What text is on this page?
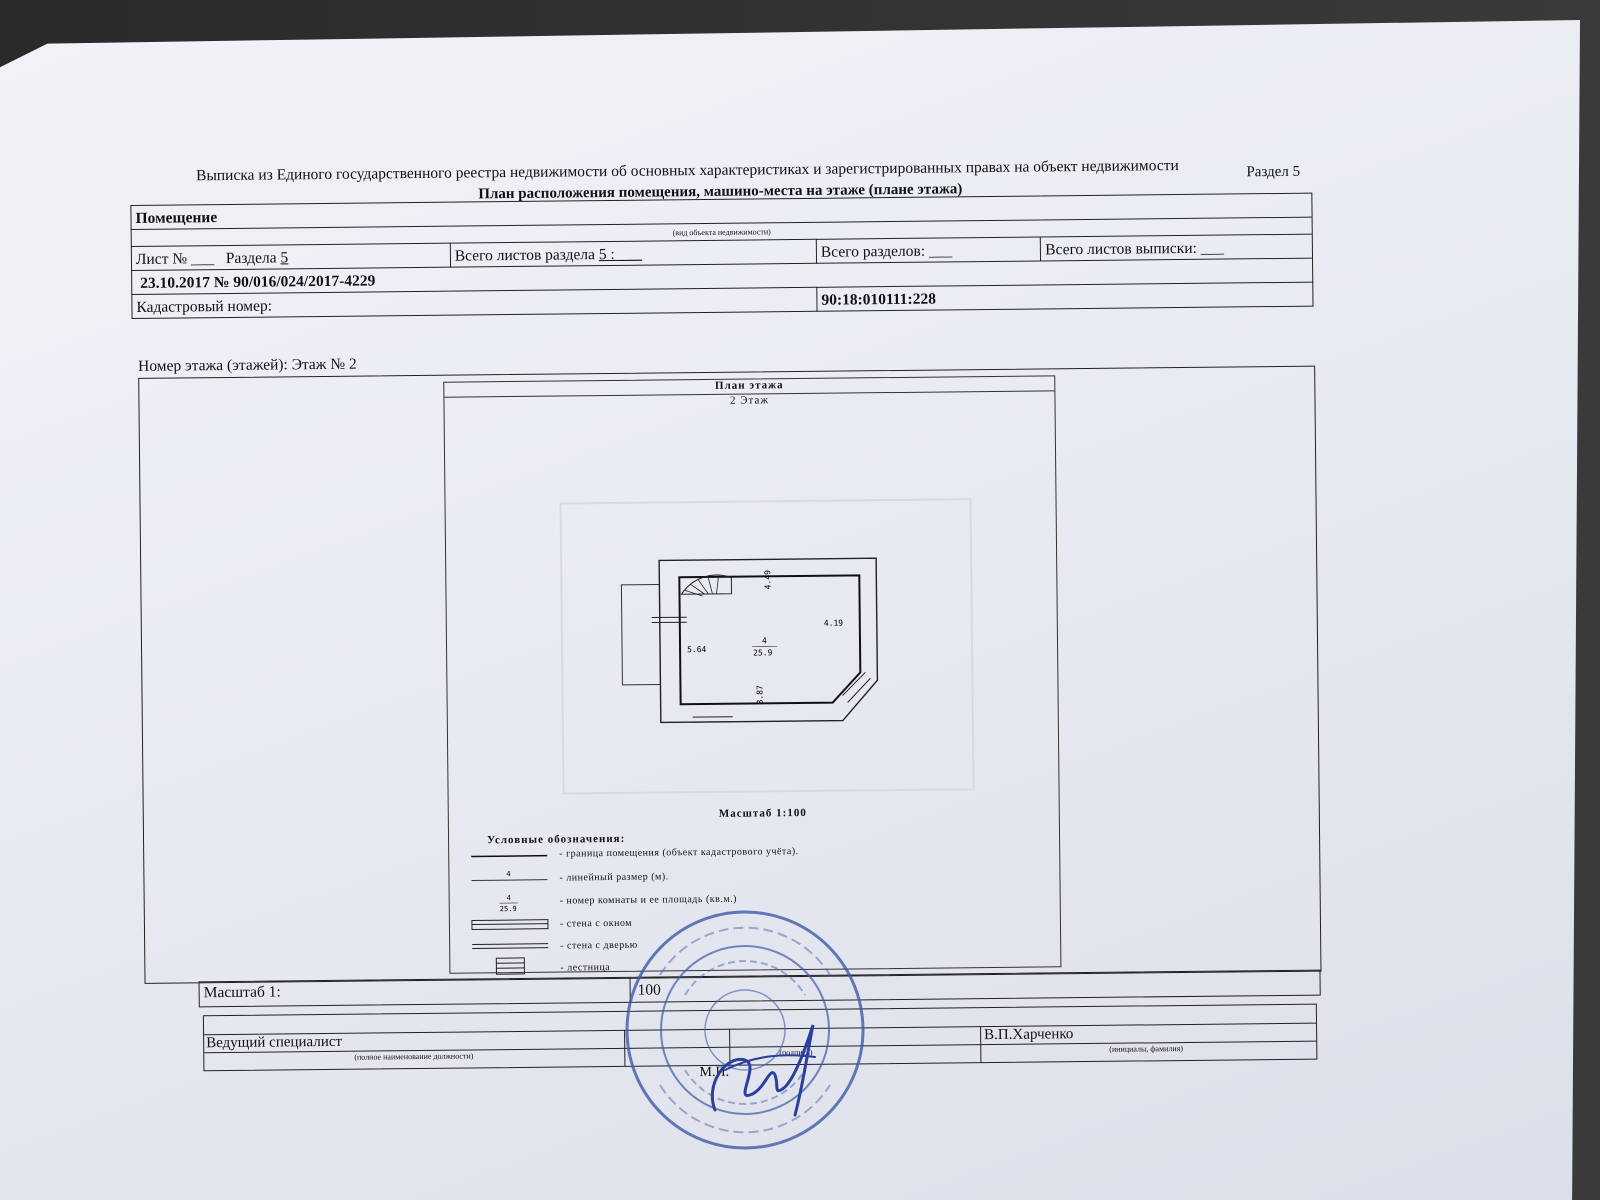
Выписка из Единого государственного реестра недвижимости об основных характеристиках и зарегистрированных правах на объект недвижимости	Раздел 5
План расположения помещения, машино-места на этаже (плане этажа)
Помещение			
(вид объекта недвижимости)			
Лист № ___ Раздела 5	Всего листов раздела 5 : ___	Всего разделов: ___	Всего листов выписки: ___
23.10.2017 № 90/016/024/2017-4229			
Кадастровый номер:		90:18:010111:228	
Номер этажа (этажей): Этаж № 2
План этажа
2 Этаж
4.49
4.19
5.64
3.87
4
25.9
Масштаб 1:100
Условные обозначения:
4
4
25.9
- граница помещения (объект кадастрового учёта).
- линейный размер (м).
- номер комнаты и ее площадь (кв.м.)
- стена с окном
- стена с дверью
- лестница
Масштаб 1:	100
Ведущий специалист	В.П.Харченко
(полное наименование должности)	(подпись)	(инициалы, фамилия)
М.П.
